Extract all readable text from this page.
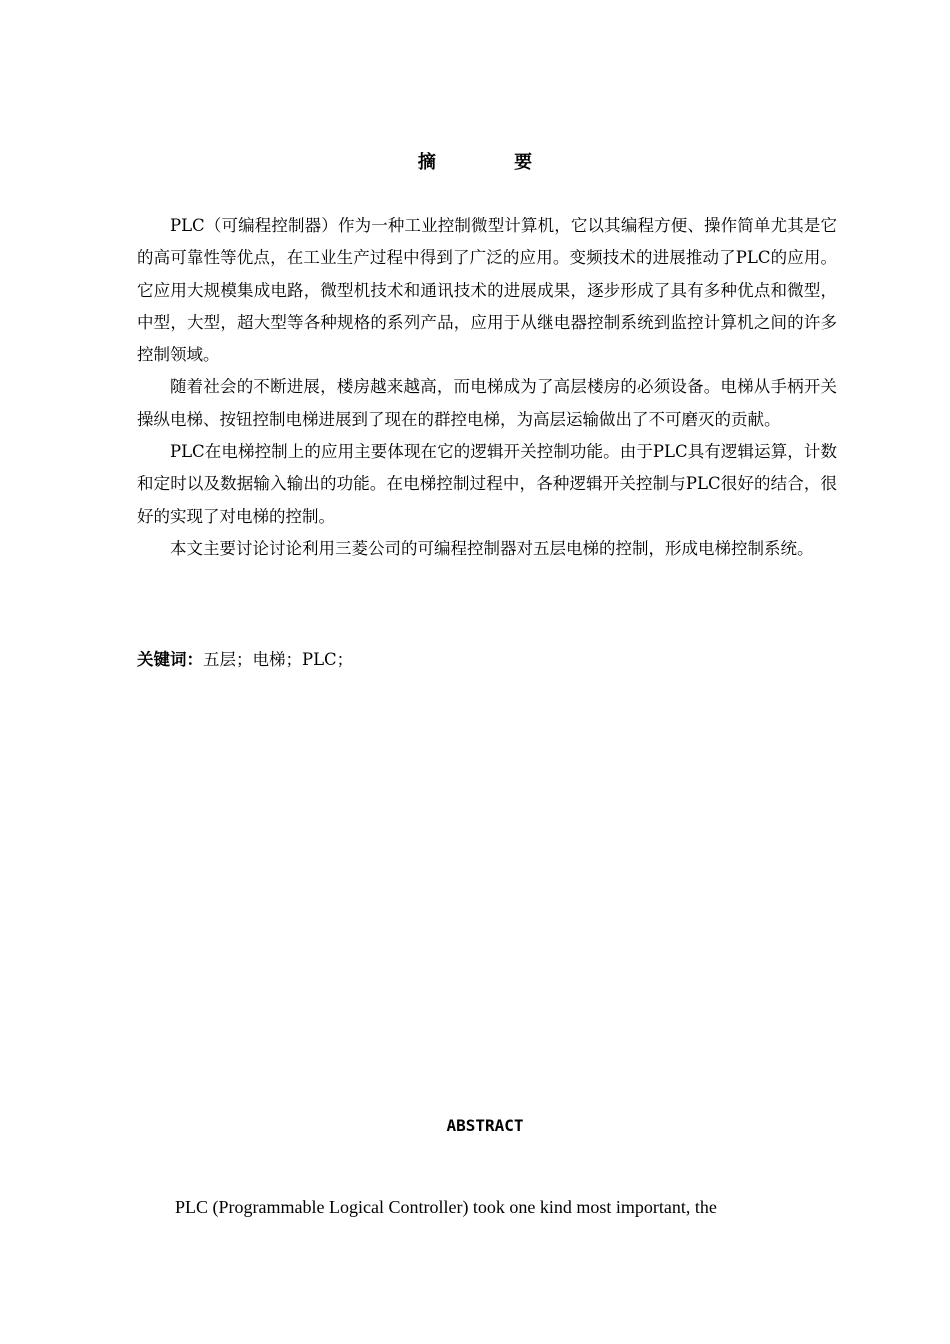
摘 要

PLC（可编程控制器）作为一种工业控制微型计算机，它以其编程方便、操作简单尤其是它的高可靠性等优点，在工业生产过程中得到了广泛的应用。变频技术的进展推动了PLC的应用。它应用大规模集成电路，微型机技术和通讯技术的进展成果，逐步形成了具有多种优点和微型，中型，大型，超大型等各种规格的系列产品，应用于从继电器控制系统到监控计算机之间的许多控制领域。

随着社会的不断进展，楼房越来越高，而电梯成为了高层楼房的必须设备。电梯从手柄开关操纵电梯、按钮控制电梯进展到了现在的群控电梯，为高层运输做出了不可磨灭的贡献。

PLC在电梯控制上的应用主要体现在它的逻辑开关控制功能。由于PLC具有逻辑运算，计数和定时以及数据输入输出的功能。在电梯控制过程中，各种逻辑开关控制与PLC很好的结合，很好的实现了对电梯的控制。

本文主要讨论讨论利用三菱公司的可编程控制器对五层电梯的控制，形成电梯控制系统。

关键词：五层；电梯；PLC；
ABSTRACT
PLC (Programmable Logical Controller) took one kind most important, the
